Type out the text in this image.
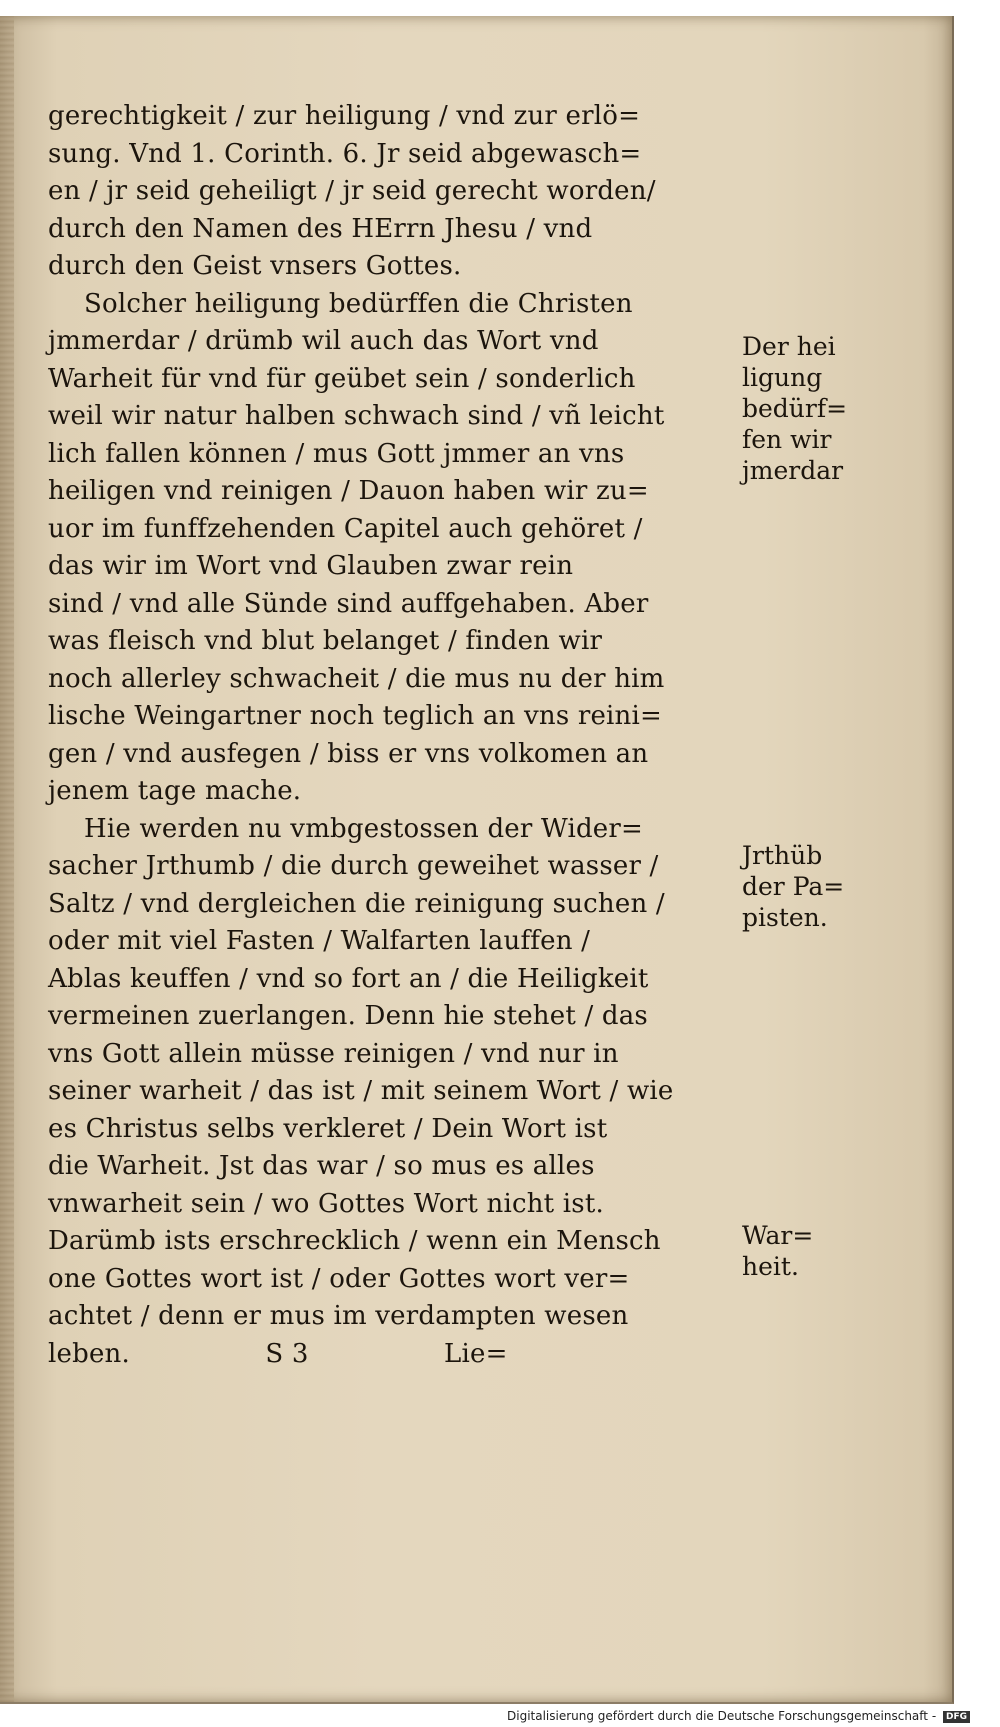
gerechtigkeit / zur heiligung / vnd zur erlö=
sung. Vnd 1. Corinth. 6. Jr seid abgewasch=
en / jr seid geheiligt / jr seid gerecht worden/
durch den Namen des HErrn Jhesu / vnd
durch den Geist vnsers Gottes.
Solcher heiligung bedürffen die Christen
jmmerdar / drümb wil auch das Wort vnd
Warheit für vnd für geübet sein / sonderlich
weil wir natur halben schwach sind / vñ leicht
lich fallen können / mus Gott jmmer an vns
heiligen vnd reinigen / Dauon haben wir zu=
uor im funffzehenden Capitel auch gehöret /
das wir im Wort vnd Glauben zwar rein
sind / vnd alle Sünde sind auffgehaben. Aber
was fleisch vnd blut belanget / finden wir
noch allerley schwacheit / die mus nu der him
lische Weingartner noch teglich an vns reini=
gen / vnd ausfegen / biss er vns volkomen an
jenem tage mache.
Hie werden nu vmbgestossen der Wider=
sacher Jrthumb / die durch geweihet wasser /
Saltz / vnd dergleichen die reinigung suchen /
oder mit viel Fasten / Walfarten lauffen /
Ablas keuffen / vnd so fort an / die Heiligkeit
vermeinen zuerlangen. Denn hie stehet / das
vns Gott allein müsse reinigen / vnd nur in
seiner warheit / das ist / mit seinem Wort / wie
es Christus selbs verkleret / Dein Wort ist
die Warheit. Jst das war / so mus es alles
vnwarheit sein / wo Gottes Wort nicht ist.
Darümb ists erschrecklich / wenn ein Mensch
one Gottes wort ist / oder Gottes wort ver=
achtet / denn er mus im verdampten wesen
leben.                S 3                Lie=
Der hei
ligung
bedürf=
fen wir
jmerdar
Jrthüb
der Pa=
pisten.
War=
heit.
Digitalisierung gefördert durch die Deutsche Forschungsgemeinschaft - DFG
